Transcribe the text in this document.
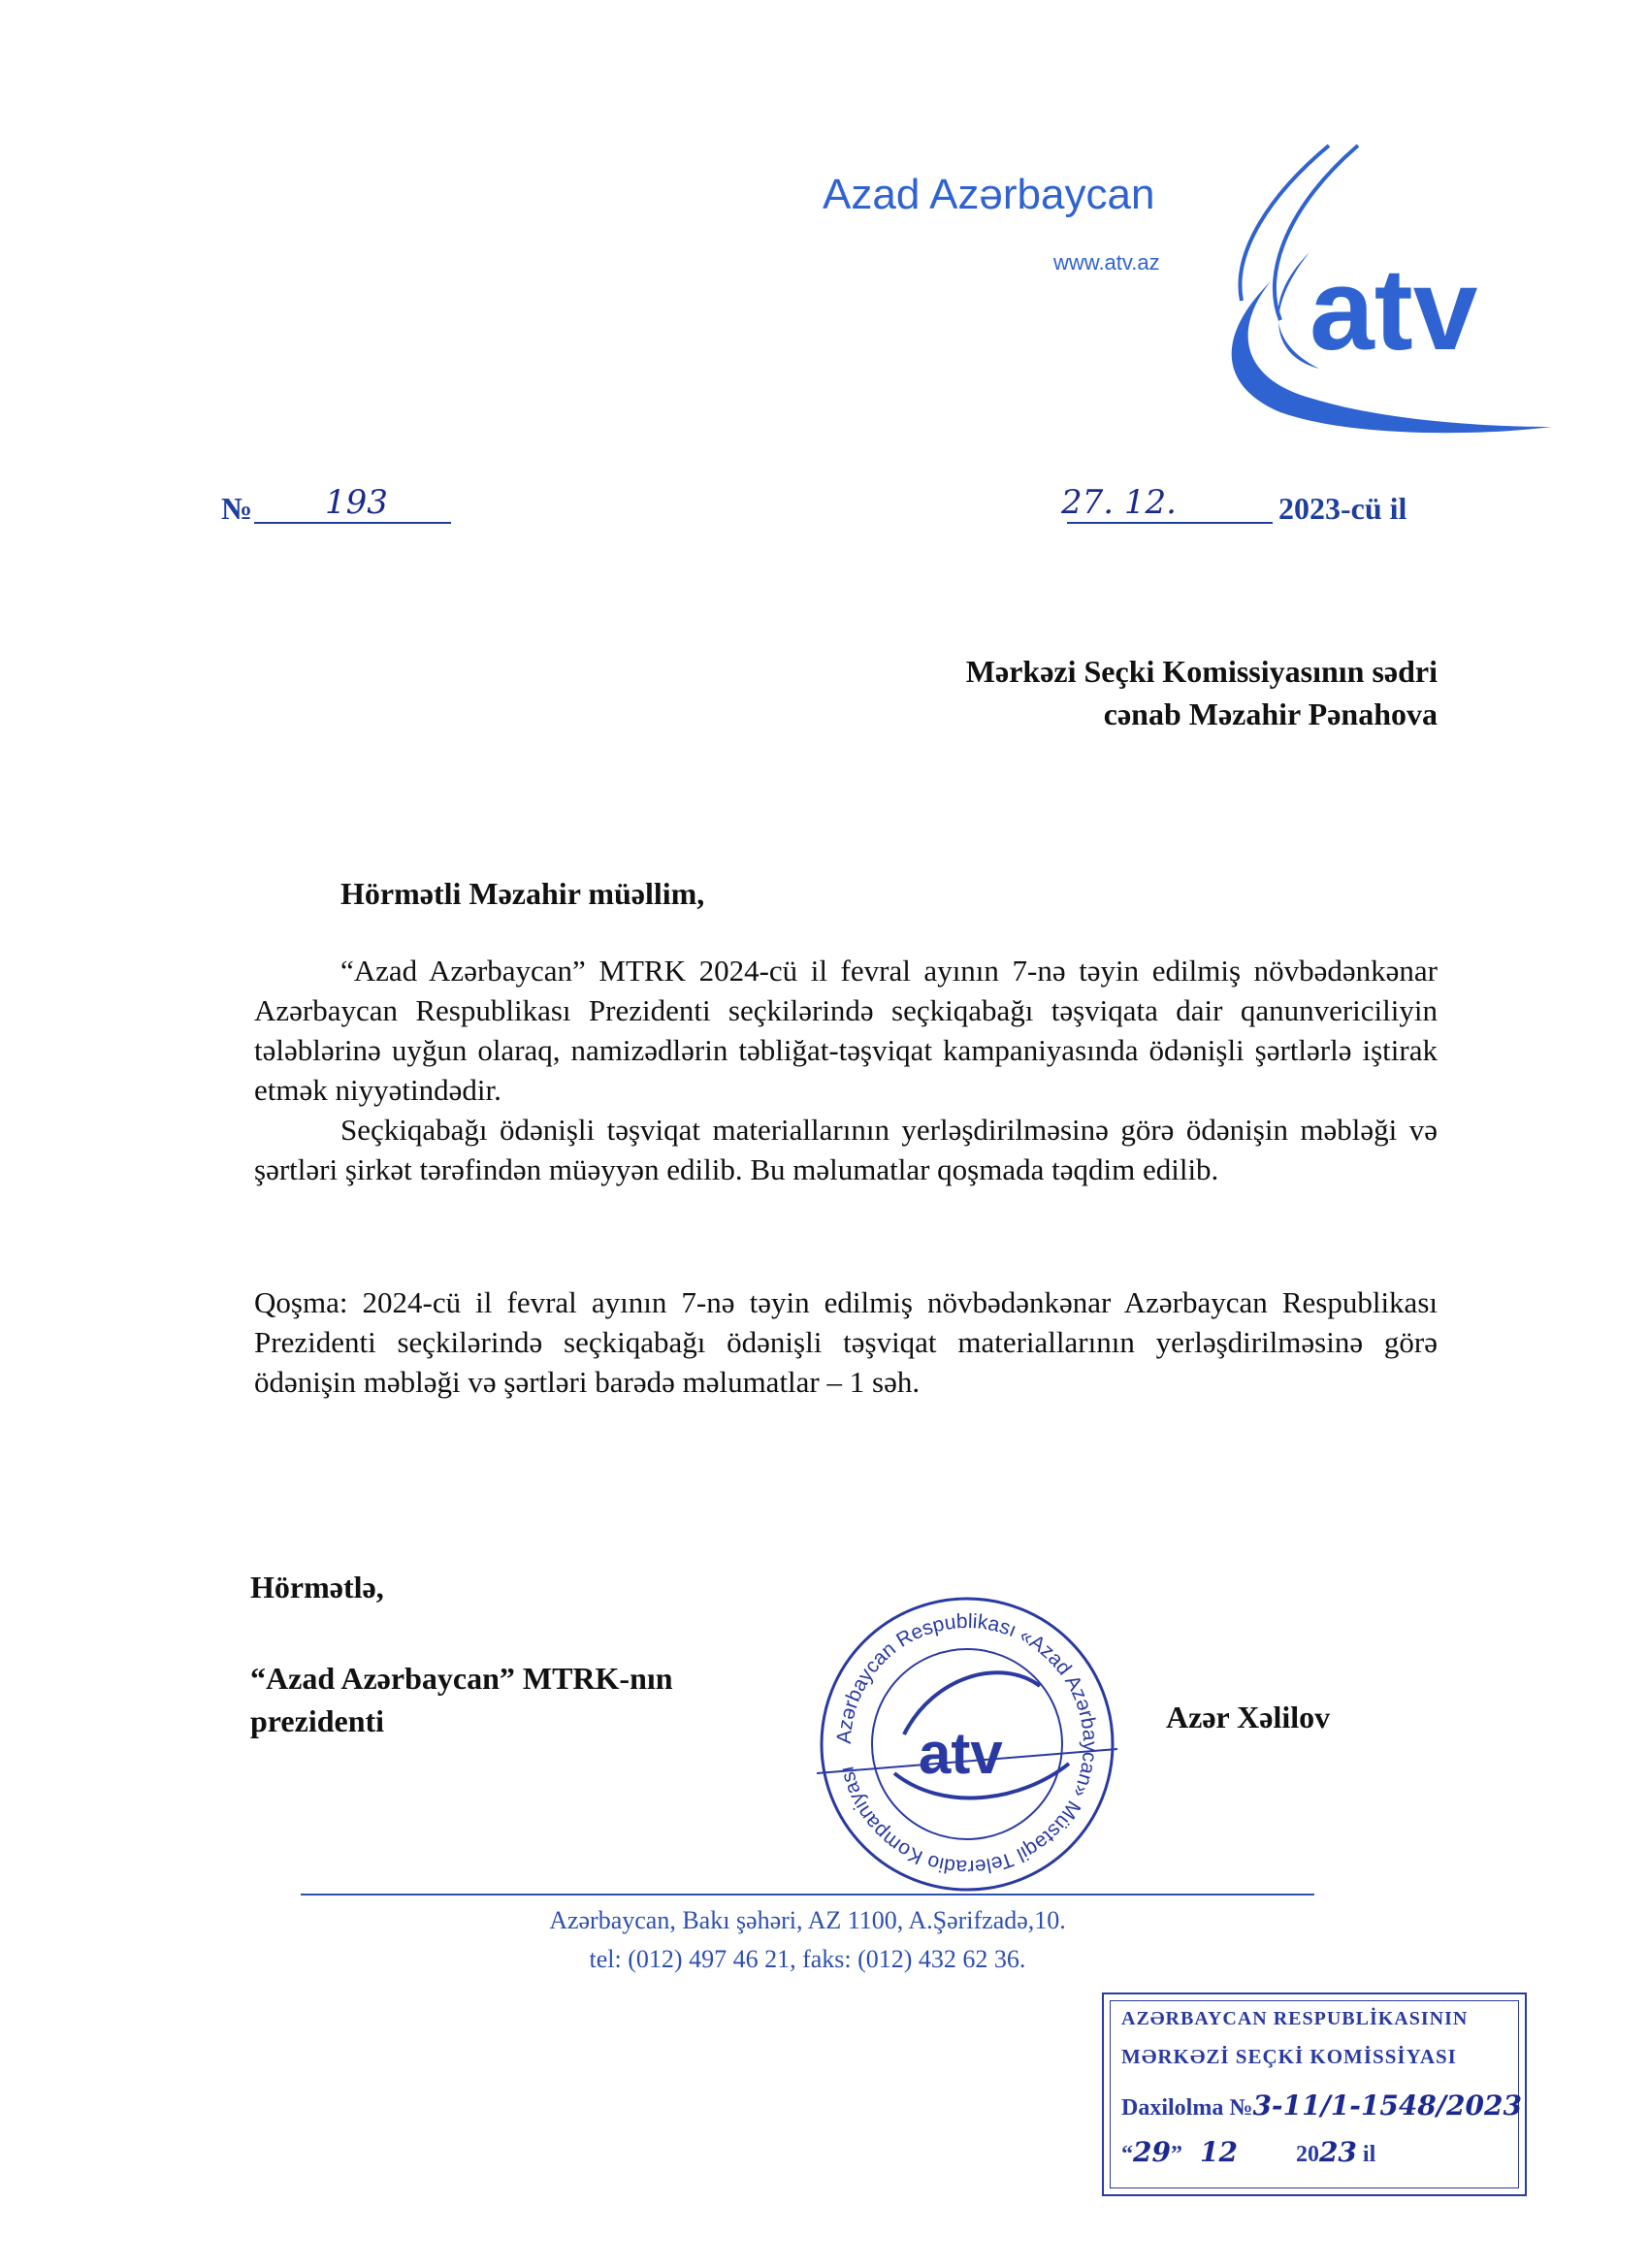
Azad Azərbaycan
www.atv.az atv
№ 193	27. 12.	2023-cü il
Mərkəzi Seçki Komissiyasının sədri
cənab Məzahir Pənahova
Hörmətli Məzahir müəllim,

“Azad Azərbaycan” MTRK 2024-cü il fevral ayının 7-nə təyin edilmiş növbədənkənar Azərbaycan Respublikası Prezidenti seçkilərində seçkiqabağı təşviqata dair qanunvericiliyin tələblərinə uyğun olaraq, namizədlərin təbliğat-təşviqat kampaniyasında ödənişli şərtlərlə iştirak etmək niyyətindədir.

Seçkiqabağı ödənişli təşviqat materiallarının yerləşdirilməsinə görə ödənişin məbləği və şərtləri şirkət tərəfindən müəyyən edilib. Bu məlumatlar qoşmada təqdim edilib.

Qoşma: 2024-cü il fevral ayının 7-nə təyin edilmiş növbədənkənar Azərbaycan Respublikası Prezidenti seçkilərində seçkiqabağı ödənişli təşviqat materiallarının yerləşdirilməsinə görə ödənişin məbləği və şərtləri barədə məlumatlar – 1 səh.
Hörmətlə,
“Azad Azərbaycan” MTRK-nın
prezidenti	Azər Xəlilov
Azərbaycan Respublikası «Azad Azərbaycan» Müstəqil Teleradio Kompaniyası	atv
Azərbaycan, Bakı şəhəri, AZ 1100, A.Şərifzadə,10.
tel: (012) 497 46 21, faks: (012) 432 62 36.
AZƏRBAYCAN RESPUBLİKASININ
MƏRKƏZİ SEÇKİ KOMİSSİYASI
Daxilolma №3-11/1-1548/2023
“29”   12	2023 il
